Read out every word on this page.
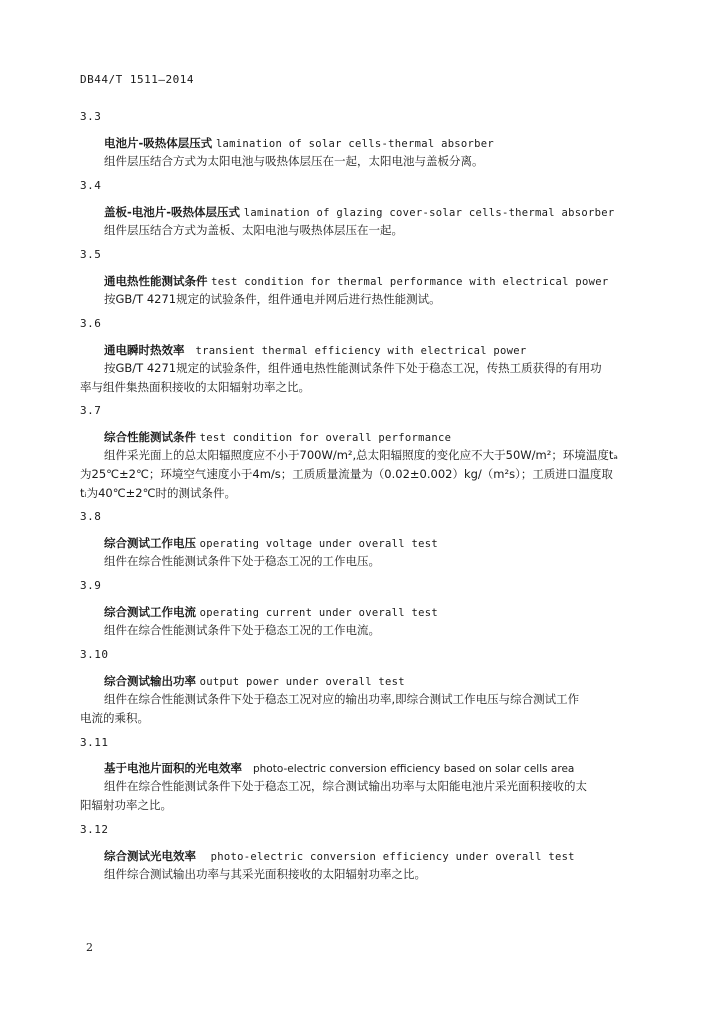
DB44/T 1511—2014
3.3
电池片-吸热体层压式 lamination of solar cells-thermal absorber
组件层压结合方式为太阳电池与吸热体层压在一起，太阳电池与盖板分离。
3.4
盖板-电池片-吸热体层压式 lamination of glazing cover-solar cells-thermal absorber
组件层压结合方式为盖板、太阳电池与吸热体层压在一起。
3.5
通电热性能测试条件 test condition for thermal performance with electrical power
按GB/T 4271规定的试验条件，组件通电并网后进行热性能测试。
3.6
通电瞬时热效率 transient thermal efficiency with electrical power
按GB/T 4271规定的试验条件，组件通电热性能测试条件下处于稳态工况，传热工质获得的有用功
率与组件集热面积接收的太阳辐射功率之比。
3.7
综合性能测试条件 test condition for overall performance
组件采光面上的总太阳辐照度应不小于700W/m²,总太阳辐照度的变化应不大于50W/m²；环境温度tₐ
为25℃±2℃；环境空气速度小于4m/s；工质质量流量为（0.02±0.002）kg/（m²s）；工质进口温度取
tᵢ为40℃±2℃时的测试条件。
3.8
综合测试工作电压 operating voltage under overall test
组件在综合性能测试条件下处于稳态工况的工作电压。
3.9
综合测试工作电流 operating current under overall test
组件在综合性能测试条件下处于稳态工况的工作电流。
3.10
综合测试输出功率 output power under overall test
组件在综合性能测试条件下处于稳态工况对应的输出功率,即综合测试工作电压与综合测试工作
电流的乘积。
3.11
基于电池片面积的光电效率 photo-electric conversion efficiency based on solar cells area
组件在综合性能测试条件下处于稳态工况，综合测试输出功率与太阳能电池片采光面积接收的太
阳辐射功率之比。
3.12
综合测试光电效率 photo-electric conversion efficiency under overall test
组件综合测试输出功率与其采光面积接收的太阳辐射功率之比。
2
